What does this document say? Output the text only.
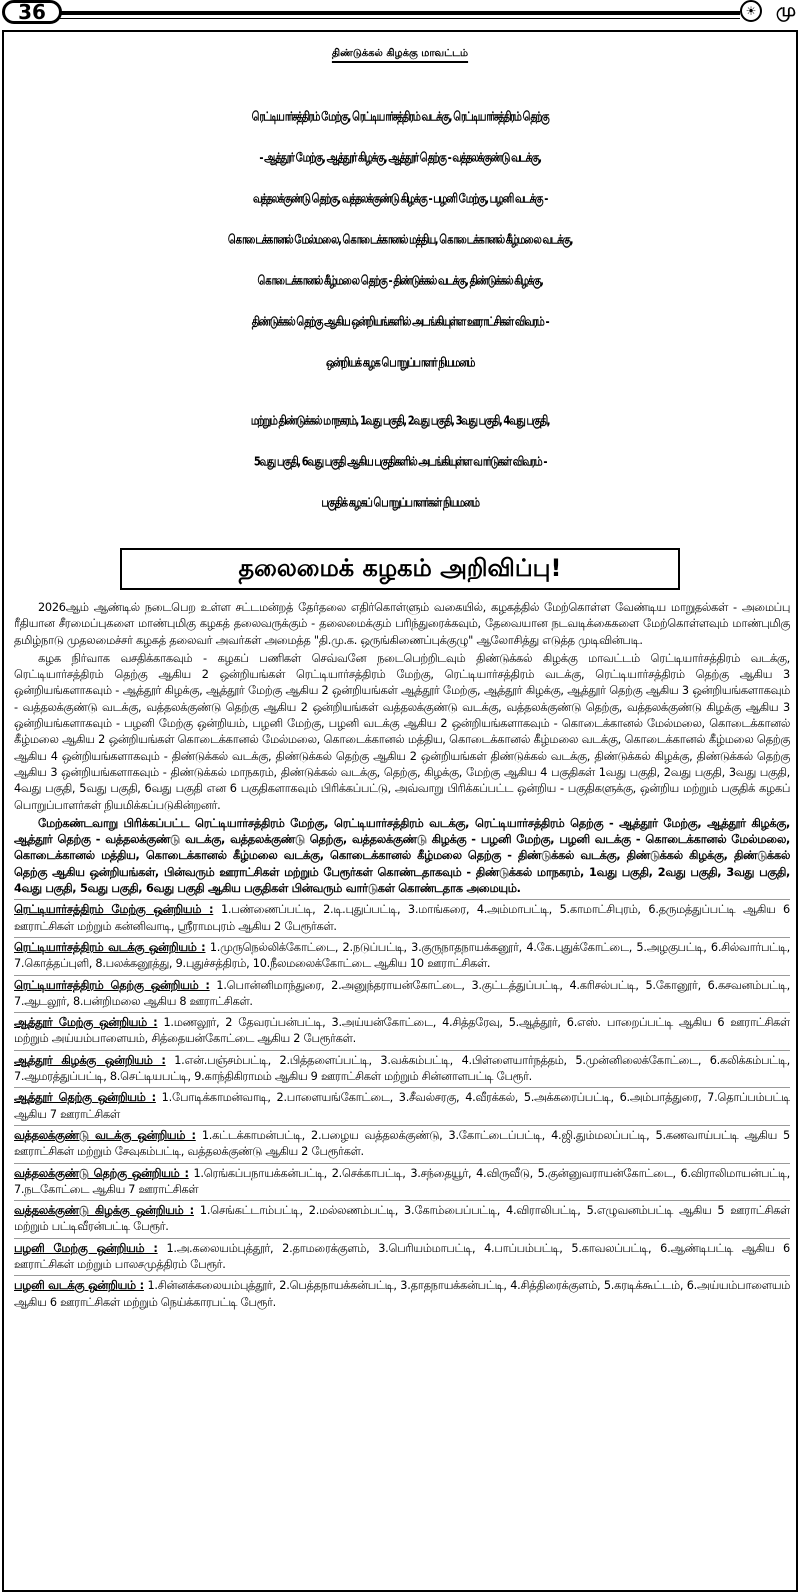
36	☀	மு
திண்டுக்கல் கிழக்கு மாவட்டம்
ரெட்டியார்சத்திரம் மேற்கு, ரெட்டியார்சத்திரம் வடக்கு, ரெட்டியார்சத்திரம் தெற்கு
- ஆத்தூர் மேற்கு, ஆத்தூர் கிழக்கு, ஆத்தூர் தெற்கு - வத்தலக்குண்டு வடக்கு,
வத்தலக்குண்டு தெற்கு, வத்தலக்குண்டு கிழக்கு - பழனி மேற்கு, பழனி வடக்கு -
கொடைக்கானல் மேல்மலை, கொடைக்கானல் மத்திய, கொடைக்கானல் கீழ்மலை வடக்கு,
கொடைக்கானல் கீழ்மலை தெற்கு - திண்டுக்கல் வடக்கு, திண்டுக்கல் கிழக்கு,
திண்டுக்கல் தெற்கு ஆகிய ஒன்றியங்களில் அடங்கியுள்ள ஊராட்சிகள் விவரம் -
ஒன்றியக் கழக பொறுப்பாளர் நியமனம்
மற்றும் திண்டுக்கல் மாநகரம், 1வது பகுதி, 2வது பகுதி, 3வது பகுதி, 4வது பகுதி,
5வது பகுதி, 6வது பகுதி ஆகிய பகுதிகளில் அடங்கியுள்ள வார்டுகள் விவரம் -
பகுதிக் கழகப் பொறுப்பாளர்கள் நியமனம்
தலைமைக் கழகம் அறிவிப்பு!

2026ஆம் ஆண்டில் நடைபெற உள்ள சட்டமன்றத் தேர்தலை எதிர்கொள்ளும் வகையில், கழகத்தில் மேற்கொள்ள வேண்டிய மாறுதல்கள் - அமைப்பு ரீதியான சீரமைப்புகளை மாண்புமிகு கழகத் தலைவருக்கும் - தலைமைக்கும் பரிந்துரைக்கவும், தேவையான நடவடிக்கைகளை மேற்கொள்ளவும் மாண்புமிகு தமிழ்நாடு முதலமைச்சர் கழகத் தலைவர் அவர்கள் அமைத்த "தி.மு.க. ஒருங்கிணைப்புக்குழு" ஆலோசித்து எடுத்த முடிவின்படி.

கழக நிர்வாக வசதிக்காகவும் - கழகப் பணிகள் செவ்வனே நடைபெற்றிடவும் திண்டுக்கல் கிழக்கு மாவட்டம் ரெட்டியார்சத்திரம் வடக்கு, ரெட்டியார்சத்திரம் தெற்கு ஆகிய 2 ஒன்றியங்கள் ரெட்டியார்சத்திரம் மேற்கு, ரெட்டியார்சத்திரம் வடக்கு, ரெட்டியார்சத்திரம் தெற்கு ஆகிய 3 ஒன்றியங்களாகவும் - ஆத்தூர் கிழக்கு, ஆத்தூர் மேற்கு ஆகிய 2 ஒன்றியங்கள் ஆத்தூர் மேற்கு, ஆத்தூர் கிழக்கு, ஆத்தூர் தெற்கு ஆகிய 3 ஒன்றியங்களாகவும் - வத்தலக்குண்டு வடக்கு, வத்தலக்குண்டு தெற்கு ஆகிய 2 ஒன்றியங்கள் வத்தலக்குண்டு வடக்கு, வத்தலக்குண்டு தெற்கு, வத்தலக்குண்டு கிழக்கு ஆகிய 3 ஒன்றியங்களாகவும் - பழனி மேற்கு ஒன்றியம், பழனி மேற்கு, பழனி வடக்கு ஆகிய 2 ஒன்றியங்களாகவும் - கொடைக்கானல் மேல்மலை, கொடைக்கானல் கீழ்மலை ஆகிய 2 ஒன்றியங்கள் கொடைக்கானல் மேல்மலை, கொடைக்கானல் மத்திய, கொடைக்கானல் கீழ்மலை வடக்கு, கொடைக்கானல் கீழ்மலை தெற்கு ஆகிய 4 ஒன்றியங்களாகவும் - திண்டுக்கல் வடக்கு, திண்டுக்கல் தெற்கு ஆகிய 2 ஒன்றியங்கள் திண்டுக்கல் வடக்கு, திண்டுக்கல் கிழக்கு, திண்டுக்கல் தெற்கு ஆகிய 3 ஒன்றியங்களாகவும் - திண்டுக்கல் மாநகரம், திண்டுக்கல் வடக்கு, தெற்கு, கிழக்கு, மேற்கு ஆகிய 4 பகுதிகள் 1வது பகுதி, 2வது பகுதி, 3வது பகுதி, 4வது பகுதி, 5வது பகுதி, 6வது பகுதி என 6 பகுதிகளாகவும் பிரிக்கப்பட்டு, அவ்வாறு பிரிக்கப்பட்ட ஒன்றிய - பகுதிகளுக்கு, ஒன்றிய மற்றும் பகுதிக் கழகப் பொறுப்பாளர்கள் நியமிக்கப்படுகின்றனர்.

மேற்கண்டவாறு பிரிக்கப்பட்ட ரெட்டியார்சத்திரம் மேற்கு, ரெட்டியார்சத்திரம் வடக்கு, ரெட்டியார்சத்திரம் தெற்கு - ஆத்தூர் மேற்கு, ஆத்தூர் கிழக்கு, ஆத்தூர் தெற்கு - வத்தலக்குண்டு வடக்கு, வத்தலக்குண்டு தெற்கு, வத்தலக்குண்டு கிழக்கு - பழனி மேற்கு, பழனி வடக்கு - கொடைக்கானல் மேல்மலை, கொடைக்கானல் மத்திய, கொடைக்கானல் கீழ்மலை வடக்கு, கொடைக்கானல் கீழ்மலை தெற்கு - திண்டுக்கல் வடக்கு, திண்டுக்கல் கிழக்கு, திண்டுக்கல் தெற்கு ஆகிய ஒன்றியங்கள், பின்வரும் ஊராட்சிகள் மற்றும் பேரூர்கள் கொண்டதாகவும் - திண்டுக்கல் மாநகரம், 1வது பகுதி, 2வது பகுதி, 3வது பகுதி, 4வது பகுதி, 5வது பகுதி, 6வது பகுதி ஆகிய பகுதிகள் பின்வரும் வார்டுகள் கொண்டதாக அமையும்.

ரெட்டியார்சத்திரம் மேற்கு ஒன்றியம் : 1.பண்ணைப்பட்டி, 2.டி.புதுப்பட்டி, 3.மாங்கரை, 4.அம்மாபட்டி, 5.காமாட்சிபுரம், 6.தருமத்துப்பட்டி ஆகிய 6 ஊராட்சிகள் மற்றும் கன்னிவாடி, ஸ்ரீராமபுரம் ஆகிய 2 பேரூர்கள்.

ரெட்டியார்சத்திரம் வடக்கு ஒன்றியம் : 1.முருநெல்லிக்கோட்டை, 2.நடுப்பட்டி, 3.குருநாதநாயக்கனூர், 4.கே.புதுக்கோட்டை, 5.அழகுபட்டி, 6.சில்வார்பட்டி, 7.கொத்தப்புளி, 8.பலக்கனூத்து, 9.புதுச்சத்திரம், 10.நீலமலைக்கோட்டை ஆகிய 10 ஊராட்சிகள்.

ரெட்டியார்சத்திரம் தெற்கு ஒன்றியம் : 1.பொன்னிமாந்துரை, 2.அனுந்தராயன்கோட்டை, 3.குட்டத்துப்பட்டி, 4.கரிசல்பட்டி, 5.கோனூர், 6.கசவனம்பட்டி, 7.ஆடலூர், 8.பன்றிமலை ஆகிய 8 ஊராட்சிகள்.

ஆத்தூர் மேற்கு ஒன்றியம் : 1.மணலூர், 2 தேவரப்பன்பட்டி, 3.அய்யன்கோட்டை, 4.சித்தரேவு, 5.ஆத்தூர், 6.எஸ். பாறைப்பட்டி ஆகிய 6 ஊராட்சிகள் மற்றும் அய்யம்பாளையம், சித்தையன்கோட்டை ஆகிய 2 பேரூர்கள்.

ஆத்தூர் கிழக்கு ஒன்றியம் : 1.என்.பஞ்சம்பட்டி, 2.பித்தளைப்பட்டி, 3.வக்கம்பட்டி, 4.பிள்ளையார்நத்தம், 5.முன்னிலைக்கோட்டை, 6.கலிக்கம்பட்டி, 7.ஆமரத்துப்பட்டி, 8.செட்டியபட்டி, 9.காந்திகிராமம் ஆகிய 9 ஊராட்சிகள் மற்றும் சின்னாளபட்டி பேரூர்.

ஆத்தூர் தெற்கு ஒன்றியம் : 1.போடிக்காமன்வாடி, 2.பாளையங்கோட்டை, 3.சீவல்சரகு, 4.வீரக்கல், 5.அக்கரைப்பட்டி, 6.அம்பாத்துரை, 7.தொப்பம்பட்டி ஆகிய 7 ஊராட்சிகள்

வத்தலக்குண்டு வடக்கு ஒன்றியம் : 1.கட்டக்காமன்பட்டி, 2.பழைய வத்தலக்குண்டு, 3.கோட்டைப்பட்டி, 4.ஜி.தும்மலப்பட்டி, 5.கணவாய்பட்டி ஆகிய 5 ஊராட்சிகள் மற்றும் சேவுகம்பட்டி, வத்தலக்குண்டு ஆகிய 2 பேரூர்கள்.

வத்தலக்குண்டு தெற்கு ஒன்றியம் : 1.ரெங்கப்பநாயக்கன்பட்டி, 2.செக்காபட்டி, 3.சந்தையூர், 4.விருவீடு, 5.குன்னுவராயன்கோட்டை, 6.விராலிமாயன்பட்டி, 7.நடகோட்டை ஆகிய 7 ஊராட்சிகள்

வத்தலக்குண்டு கிழக்கு ஒன்றியம் : 1.செங்கட்டாம்பட்டி, 2.மல்லணம்பட்டி, 3.கோம்பைப்பட்டி, 4.விராலிபட்டி, 5.எழுவனம்பட்டி ஆகிய 5 ஊராட்சிகள் மற்றும் பட்டிவீரன்பட்டி பேரூர்.

பழனி மேற்கு ஒன்றியம் : 1.அ.கலையம்புத்தூர், 2.தாமரைக்குளம், 3.பெரியம்மாபட்டி, 4.பாப்பம்பட்டி, 5.காவலப்பட்டி, 6.ஆண்டிபட்டி ஆகிய 6 ஊராட்சிகள் மற்றும் பாலசமுத்திரம் பேரூர்.

பழனி வடக்கு ஒன்றியம் : 1.சின்னக்கலையம்புத்தூர், 2.பெத்தநாயக்கன்பட்டி, 3.தாதநாயக்கன்பட்டி, 4.சித்திரைக்குளம், 5.கரடிக்கூட்டம், 6.அய்யம்பாளையம் ஆகிய 6 ஊராட்சிகள் மற்றும் நெய்க்காரபட்டி பேரூர்.
